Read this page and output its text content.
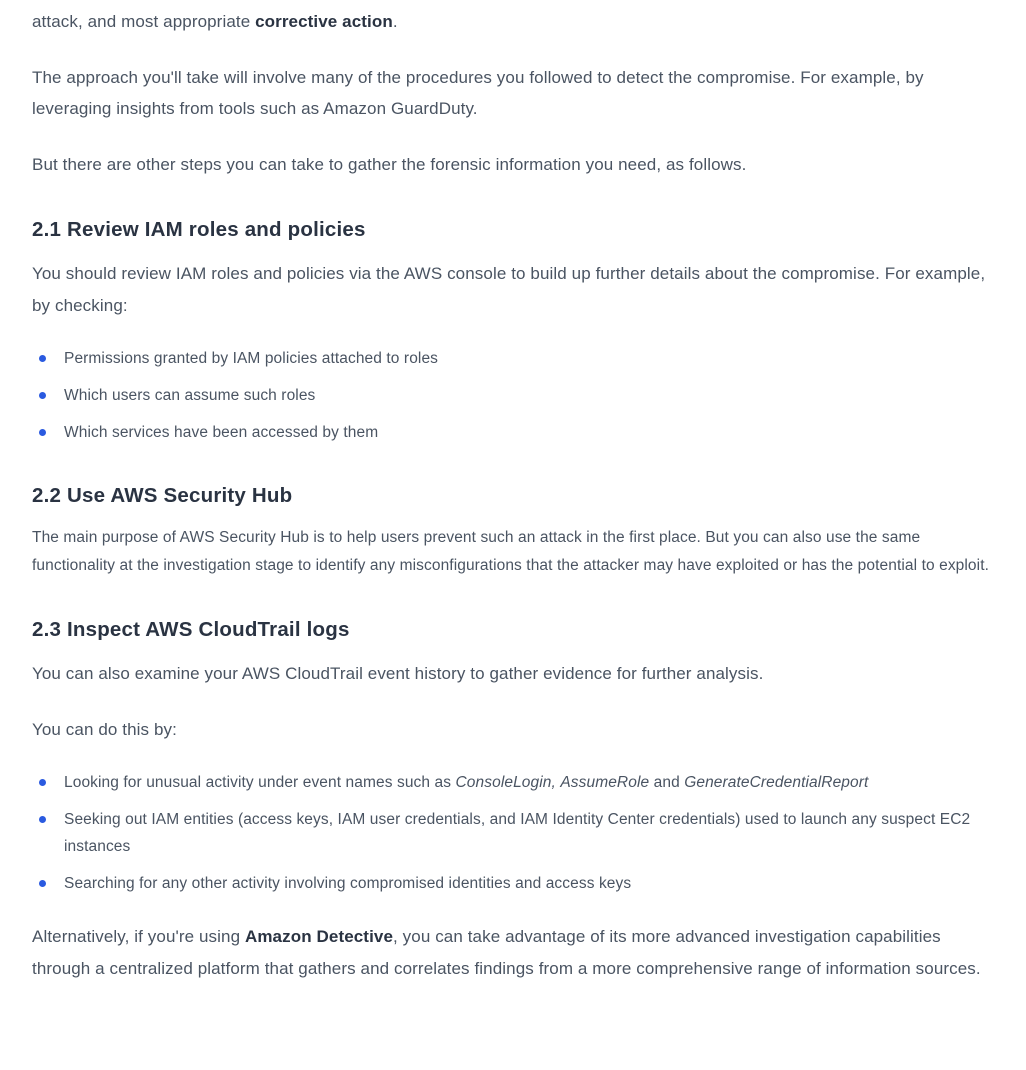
attack, and most appropriate corrective action.

The approach you'll take will involve many of the procedures you followed to detect the compromise. For example, by leveraging insights from tools such as Amazon GuardDuty.

But there are other steps you can take to gather the forensic information you need, as follows.

2.1 Review IAM roles and policies

You should review IAM roles and policies via the AWS console to build up further details about the compromise. For example, by checking:

Permissions granted by IAM policies attached to roles
Which users can assume such roles
Which services have been accessed by them
2.2 Use AWS Security Hub

The main purpose of AWS Security Hub is to help users prevent such an attack in the first place. But you can also use the same functionality at the investigation stage to identify any misconfigurations that the attacker may have exploited or has the potential to exploit.

2.3 Inspect AWS CloudTrail logs

You can also examine your AWS CloudTrail event history to gather evidence for further analysis.

You can do this by:

Looking for unusual activity under event names such as ConsoleLogin, AssumeRole and GenerateCredentialReport
Seeking out IAM entities (access keys, IAM user credentials, and IAM Identity Center credentials) used to launch any suspect EC2 instances
Searching for any other activity involving compromised identities and access keys

Alternatively, if you're using Amazon Detective, you can take advantage of its more advanced investigation capabilities through a centralized platform that gathers and correlates findings from a more comprehensive range of information sources.
